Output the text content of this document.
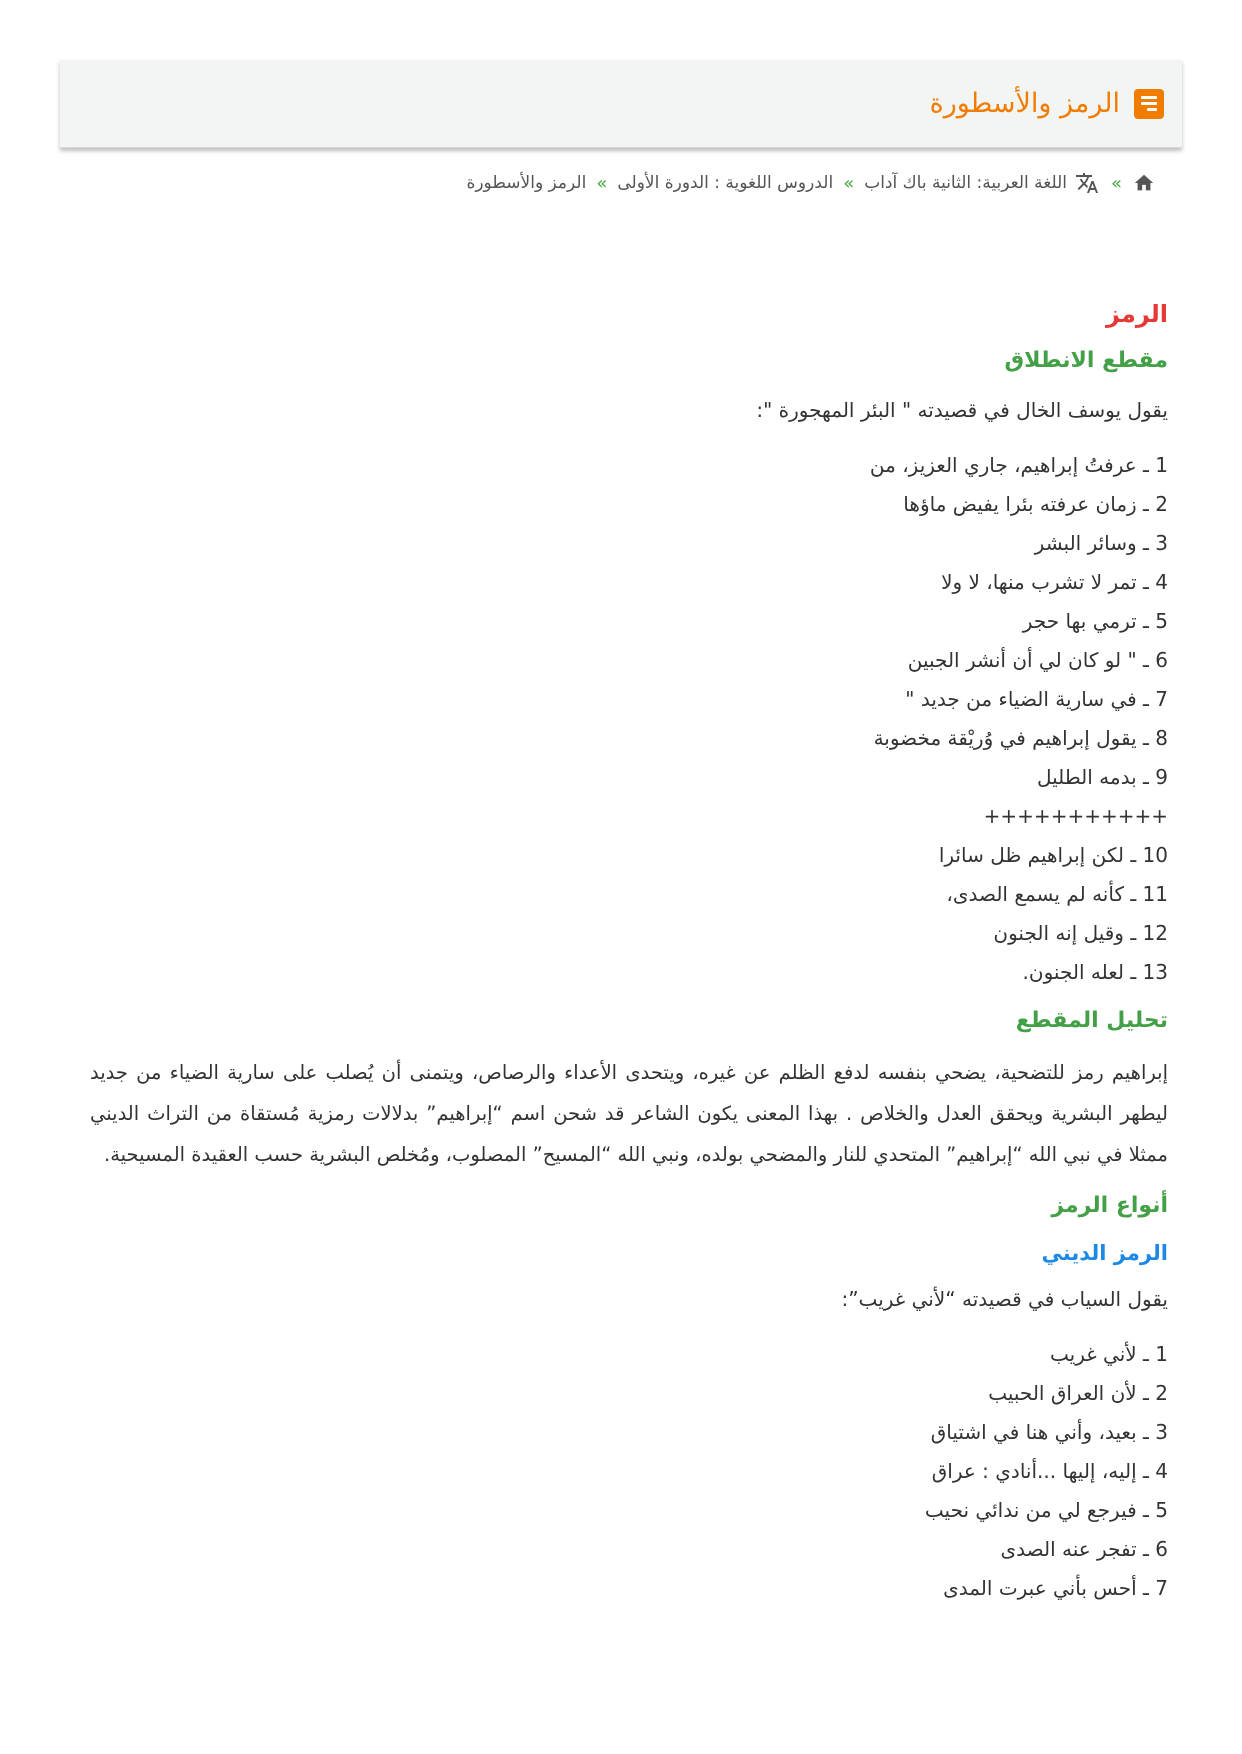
الرمز والأسطورة
»
اللغة العربية: الثانية باك آداب
»
الدروس اللغوية : الدورة الأولى
»
الرمز والأسطورة
الرمز
مقطع الانطلاق

يقول يوسف الخال في قصيدته " البئر المهجورة ":

1 ـ عرفتُ إبراهيم، جاري العزيز، من
2 ـ زمان عرفته بئرا يفيض ماؤها
3 ـ وسائر البشر
4 ـ تمر لا تشرب منها، لا ولا
5 ـ ترمي بها حجر
6 ـ " لو كان لي أن أنشر الجبين
7 ـ في سارية الضياء من جديد "
8 ـ يقول إبراهيم في وُريْقة مخضوبة
9 ـ بدمه الطليل
+++++++++++
10 ـ لكن إبراهيم ظل سائرا
11 ـ كأنه لم يسمع الصدى،
12 ـ وقيل إنه الجنون
13 ـ لعله الجنون.
تحليل المقطع

إبراهيم رمز للتضحية، يضحي بنفسه لدفع الظلم عن غيره، ويتحدى الأعداء والرصاص، ويتمنى أن يُصلب على سارية الضياء من جديد ليطهر البشرية ويحقق العدل والخلاص . بهذا المعنى يكون الشاعر قد شحن اسم “إبراهيم” بدلالات رمزية مُستقاة من التراث الديني ممثلا في نبي الله “إبراهيم” المتحدي للنار والمضحي بولده، ونبي الله “المسيح” المصلوب، ومُخلص البشرية حسب العقيدة المسيحية.

أنواع الرمز
الرمز الديني

يقول السياب في قصيدته “لأني غريب”:

1 ـ لأني غريب
2 ـ لأن العراق الحبيب
3 ـ بعيد، وأني هنا في اشتياق
4 ـ إليه، إليها ...أنادي : عراق
5 ـ فيرجع لي من ندائي نحيب
6 ـ تفجر عنه الصدى
7 ـ أحس بأني عبرت المدى
